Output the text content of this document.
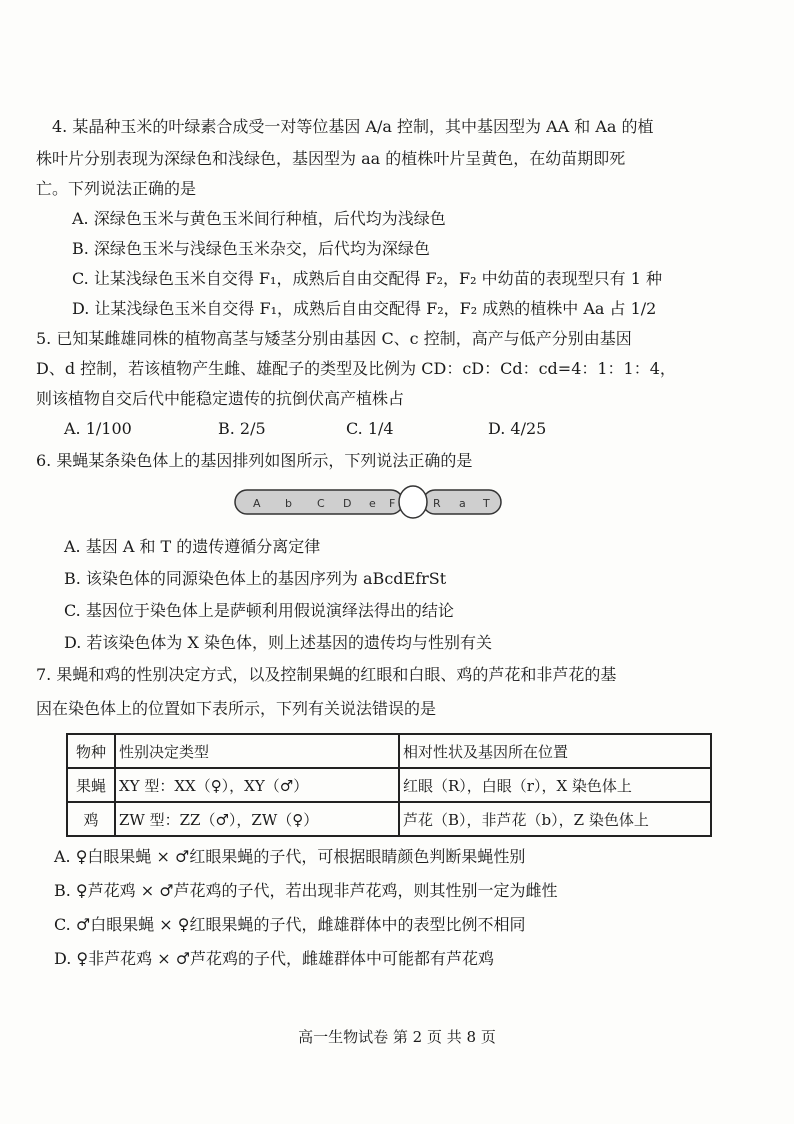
4. 某晶种玉米的叶绿素合成受一对等位基因 A/a 控制，其中基因型为 AA 和 Aa 的植
株叶片分别表现为深绿色和浅绿色，基因型为 aa 的植株叶片呈黄色，在幼苗期即死
亡。下列说法正确的是
A. 深绿色玉米与黄色玉米间行种植，后代均为浅绿色
B. 深绿色玉米与浅绿色玉米杂交，后代均为深绿色
C. 让某浅绿色玉米自交得 F₁，成熟后自由交配得 F₂，F₂ 中幼苗的表现型只有 1 种
D. 让某浅绿色玉米自交得 F₁，成熟后自由交配得 F₂，F₂ 成熟的植株中 Aa 占 1/2
5. 已知某雌雄同株的植物高茎与矮茎分别由基因 C、c 控制，高产与低产分别由基因
D、d 控制，若该植物产生雌、雄配子的类型及比例为 CD：cD：Cd：cd=4：1：1：4，
则该植物自交后代中能稳定遗传的抗倒伏高产植株占
A. 1/100	B. 2/5	C. 1/4	D. 4/25
6. 果蝇某条染色体上的基因排列如图所示，下列说法正确的是
A b C D e F	R a T
A. 基因 A 和 T 的遗传遵循分离定律
B. 该染色体的同源染色体上的基因序列为 aBcdEfrSt
C. 基因位于染色体上是萨顿利用假说演绎法得出的结论
D. 若该染色体为 X 染色体，则上述基因的遗传均与性别有关
7. 果蝇和鸡的性别决定方式，以及控制果蝇的红眼和白眼、鸡的芦花和非芦花的基
因在染色体上的位置如下表所示，下列有关说法错误的是
物种	性别决定类型	相对性状及基因所在位置
果蝇	XY 型：XX（♀），XY（♂）	红眼（R），白眼（r），X 染色体上
鸡	ZW 型：ZZ（♂），ZW（♀）	芦花（B），非芦花（b），Z 染色体上
A. ♀白眼果蝇 × ♂红眼果蝇的子代，可根据眼睛颜色判断果蝇性别
B. ♀芦花鸡 × ♂芦花鸡的子代，若出现非芦花鸡，则其性别一定为雌性
C. ♂白眼果蝇 × ♀红眼果蝇的子代，雌雄群体中的表型比例不相同
D. ♀非芦花鸡 × ♂芦花鸡的子代，雌雄群体中可能都有芦花鸡
高一生物试卷 第 2 页 共 8 页
